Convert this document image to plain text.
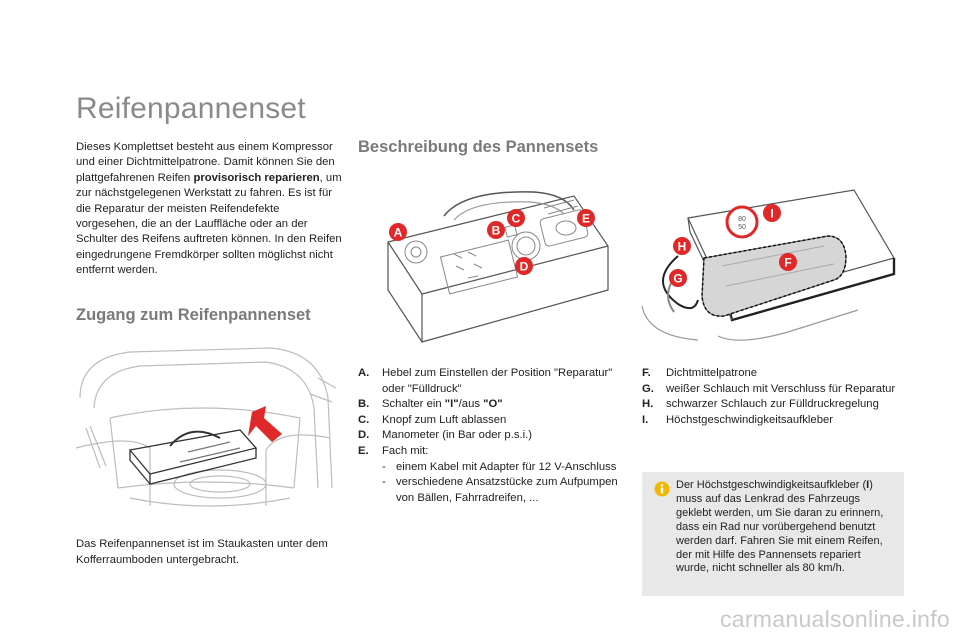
Reifenpannenset

Dieses Komplettset besteht aus einem Kompressor und einer Dichtmittelpatrone. Damit können Sie den plattgefahrenen Reifen provisorisch reparieren, um zur nächstgelegenen Werkstatt zu fahren. Es ist für die Reparatur der meisten Reifendefekte vorgesehen, die an der Lauffläche oder an der Schulter des Reifens auftreten können. In den Reifen eingedrungene Fremdkörper sollten möglichst nicht entfernt werden.

Zugang zum Reifenpannenset

Das Reifenpannenset ist im Staukasten unter dem Kofferraumboden untergebracht.

Beschreibung des Pannensets
A	B
C
D
E	80
50
H
G
F
I
A. Hebel zum Einstellen der Position "Reparatur" oder "Fülldruck"
B. Schalter ein "I"/aus "O"
C. Knopf zum Luft ablassen
D. Manometer (in Bar oder p.s.i.)
E. Fach mit:
- einem Kabel mit Adapter für 12 V-Anschluss
- verschiedene Ansatzstücke zum Aufpumpen von Bällen, Fahrradreifen, ...
F. Dichtmittelpatrone
G. weißer Schlauch mit Verschluss für Reparatur
H. schwarzer Schlauch zur Fülldruckregelung
I. Höchstgeschwindigkeitsaufkleber
Der Höchstgeschwindigkeitsaufkleber (I) muss auf das Lenkrad des Fahrzeugs geklebt werden, um Sie daran zu erinnern, dass ein Rad nur vorübergehend benutzt werden darf. Fahren Sie mit einem Reifen, der mit Hilfe des Pannensets repariert wurde, nicht schneller als 80 km/h.
carmanualsonline.info
